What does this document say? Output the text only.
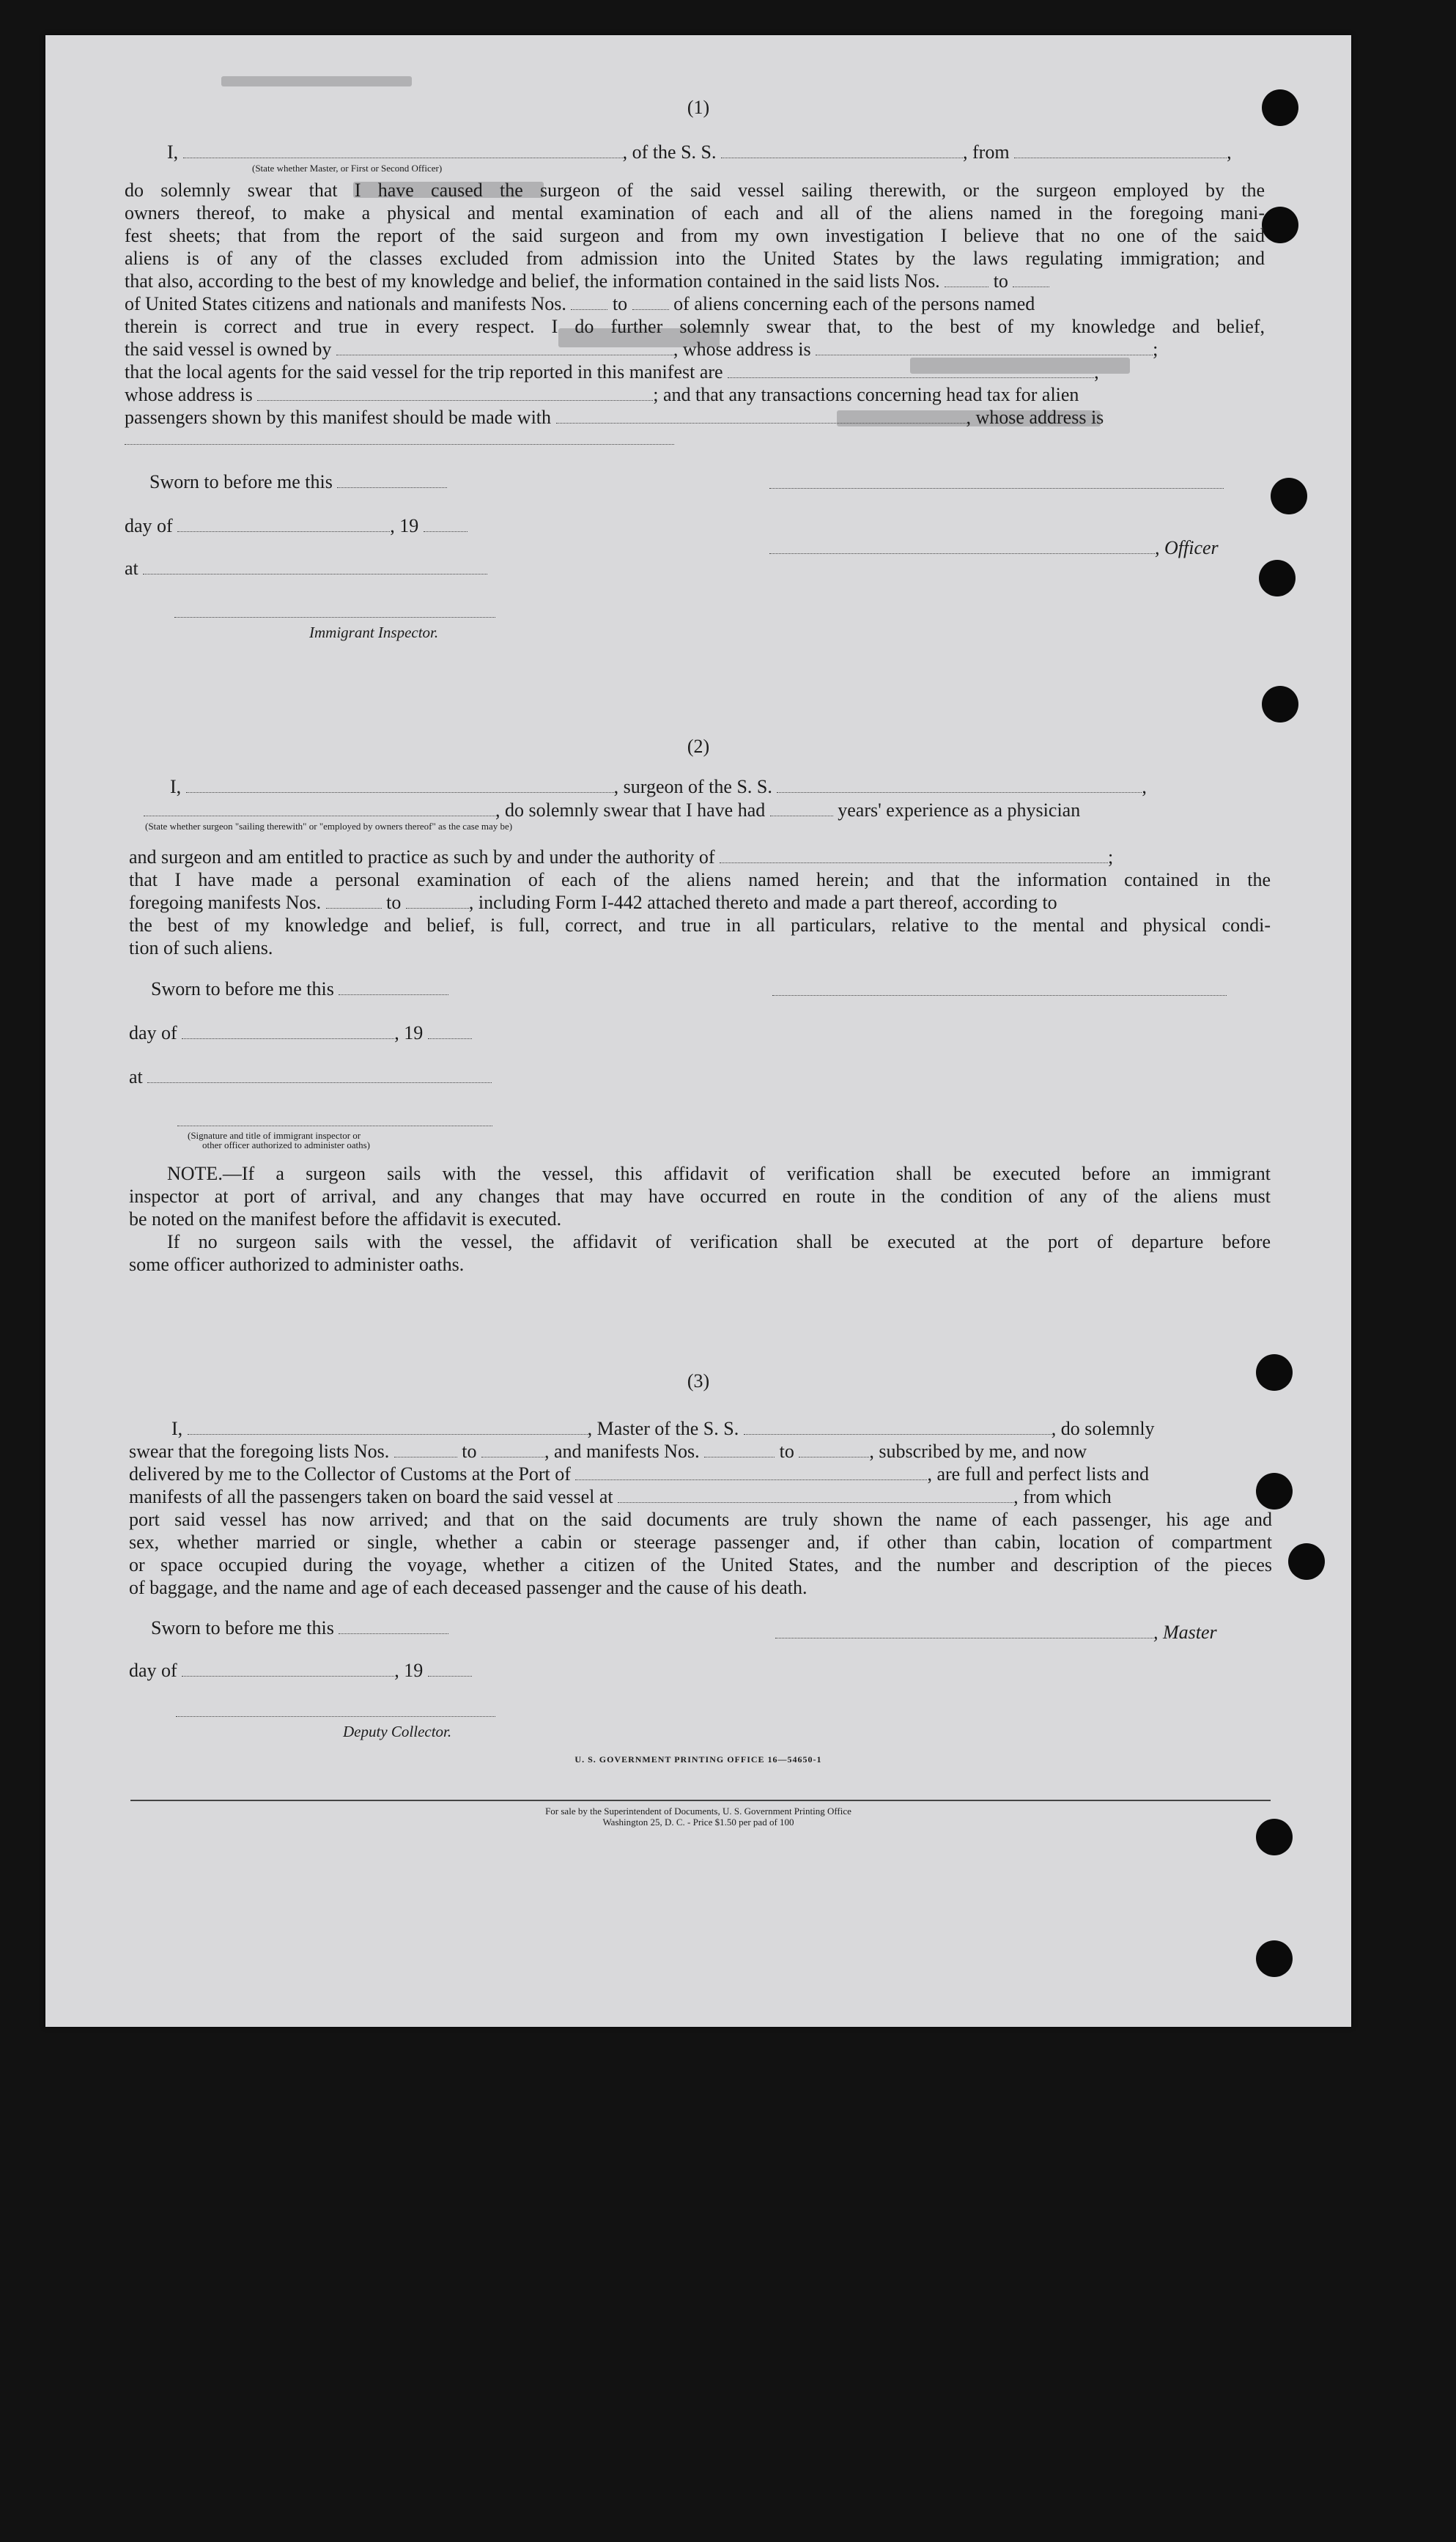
(1)
I,	, of the S. S.	, from	,
(State whether Master, or First or Second Officer)
do solemnly swear that I have caused the surgeon of the said vessel sailing therewith, or the surgeon employed by the
owners thereof, to make a physical and mental examination of each and all of the aliens named in the foregoing mani-
fest sheets; that from the report of the said surgeon and from my own investigation I believe that no one of the said
aliens is of any of the classes excluded from admission into the United States by the laws regulating immigration; and
that also, according to the best of my knowledge and belief, the information contained in the said lists Nos.	to
of United States citizens and nationals and manifests Nos. to of aliens concerning each of the persons named
therein is correct and true in every respect. I do further solemnly swear that, to the best of my knowledge and belief,
the said vessel is owned by	, whose address is	;
that the local agents for the said vessel for the trip reported in this manifest are	,
whose address is	; and that any transactions concerning head tax for alien
passengers shown by this manifest should be made with	, whose address is
Sworn to before me this
day of	, 19
, Officer
at
Immigrant Inspector.
(2)
I,	, surgeon of the S. S.	,
, do solemnly swear that I have had	years' experience as a physician
(State whether surgeon "sailing therewith" or "employed by owners thereof" as the case may be)
and surgeon and am entitled to practice as such by and under the authority of	;
that I have made a personal examination of each of the aliens named herein; and that the information contained in the
foregoing manifests Nos.	to	, including Form I-442 attached thereto and made a part thereof, according to
the best of my knowledge and belief, is full, correct, and true in all particulars, relative to the mental and physical condi-
tion of such aliens.
Sworn to before me this
day of	, 19
at
(Signature and title of immigrant inspector or
other officer authorized to administer oaths)
NOTE.—If a surgeon sails with the vessel, this affidavit of verification shall be executed before an immigrant
inspector at port of arrival, and any changes that may have occurred en route in the condition of any of the aliens must
be noted on the manifest before the affidavit is executed.
If no surgeon sails with the vessel, the affidavit of verification shall be executed at the port of departure before
some officer authorized to administer oaths.
(3)
I,	, Master of the S. S.	, do solemnly
swear that the foregoing lists Nos.	to	, and manifests Nos.	to	, subscribed by me, and now
delivered by me to the Collector of Customs at the Port of	, are full and perfect lists and
manifests of all the passengers taken on board the said vessel at	, from which
port said vessel has now arrived; and that on the said documents are truly shown the name of each passenger, his age and
sex, whether married or single, whether a cabin or steerage passenger and, if other than cabin, location of compartment
or space occupied during the voyage, whether a citizen of the United States, and the number and description of the pieces
of baggage, and the name and age of each deceased passenger and the cause of his death.
Sworn to before me this	, Master
day of	, 19
Deputy Collector.
U. S. GOVERNMENT PRINTING OFFICE 16—54650-1
For sale by the Superintendent of Documents, U. S. Government Printing Office
Washington 25, D. C. - Price $1.50 per pad of 100
